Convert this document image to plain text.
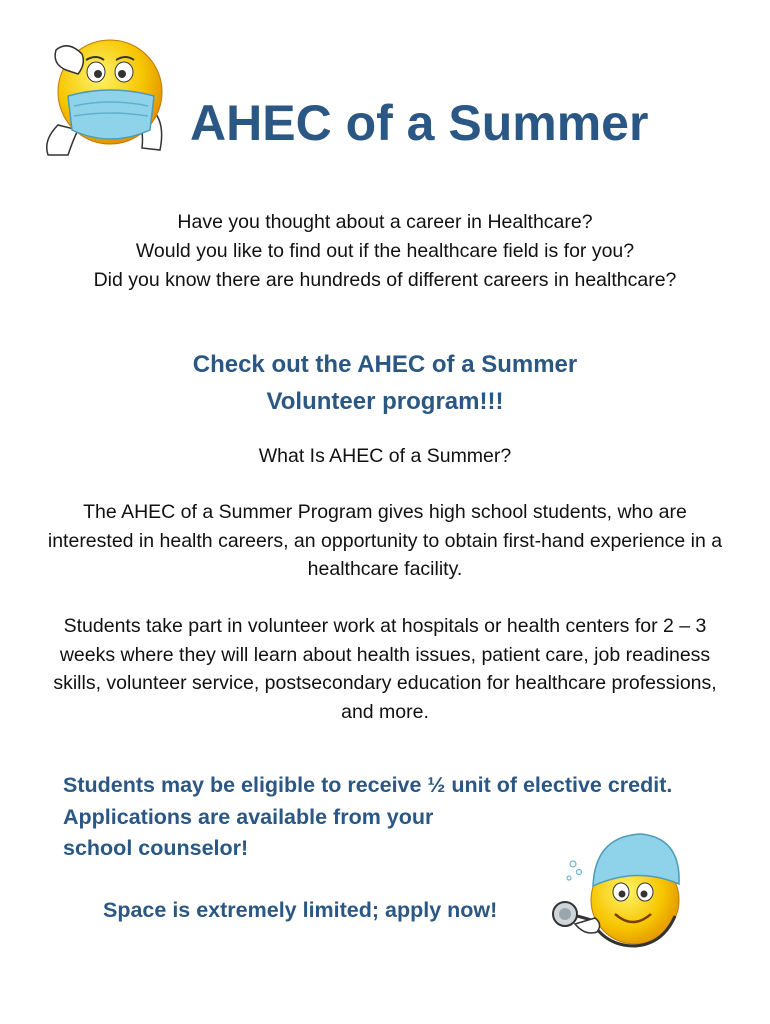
AHEC of a Summer
Have you thought about a career in Healthcare?
Would you like to find out if the healthcare field is for you?
Did you know there are hundreds of different careers in healthcare?
Check out the AHEC of a Summer
Volunteer program!!!
What Is AHEC of a Summer?
The AHEC of a Summer Program gives high school students, who are interested in health careers, an opportunity to obtain first-hand experience in a healthcare facility.
Students take part in volunteer work at hospitals or health centers for 2 – 3 weeks where they will learn about health issues, patient care, job readiness skills, volunteer service, postsecondary education for healthcare professions, and more.
Students may be eligible to receive ½ unit of elective credit.
Applications are available from your
school counselor!
Space is extremely limited; apply now!
